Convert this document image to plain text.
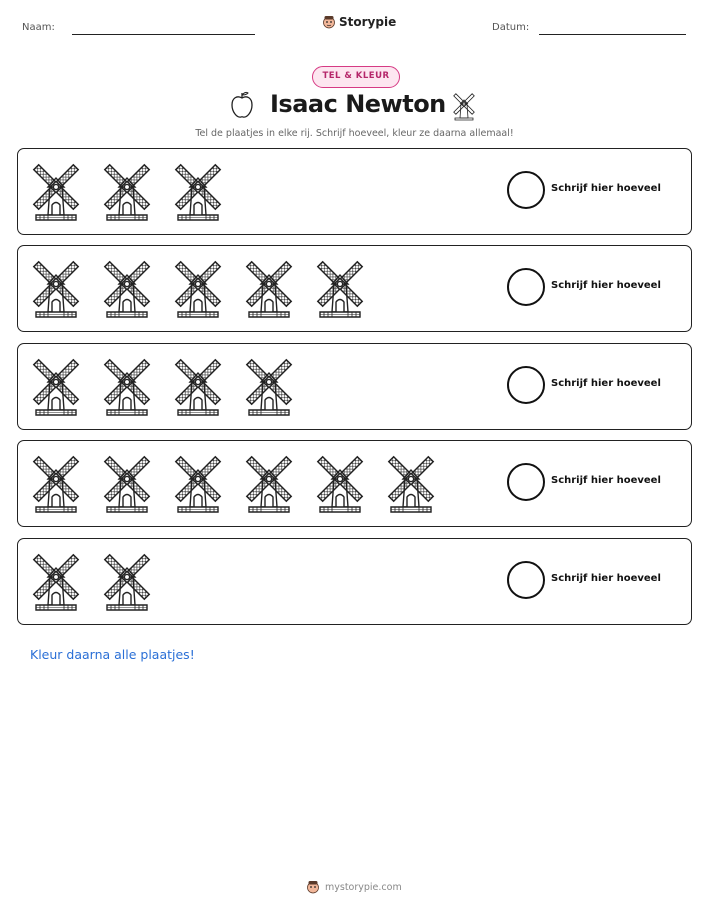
Naam:	Storypie	Datum:
TEL & KLEUR
Isaac Newton
Tel de plaatjes in elke rij. Schrijf hoeveel, kleur ze daarna allemaal!
Schrijf hier hoeveel
Schrijf hier hoeveel
Schrijf hier hoeveel
Schrijf hier hoeveel
Schrijf hier hoeveel
Kleur daarna alle plaatjes!
mystorypie.com
